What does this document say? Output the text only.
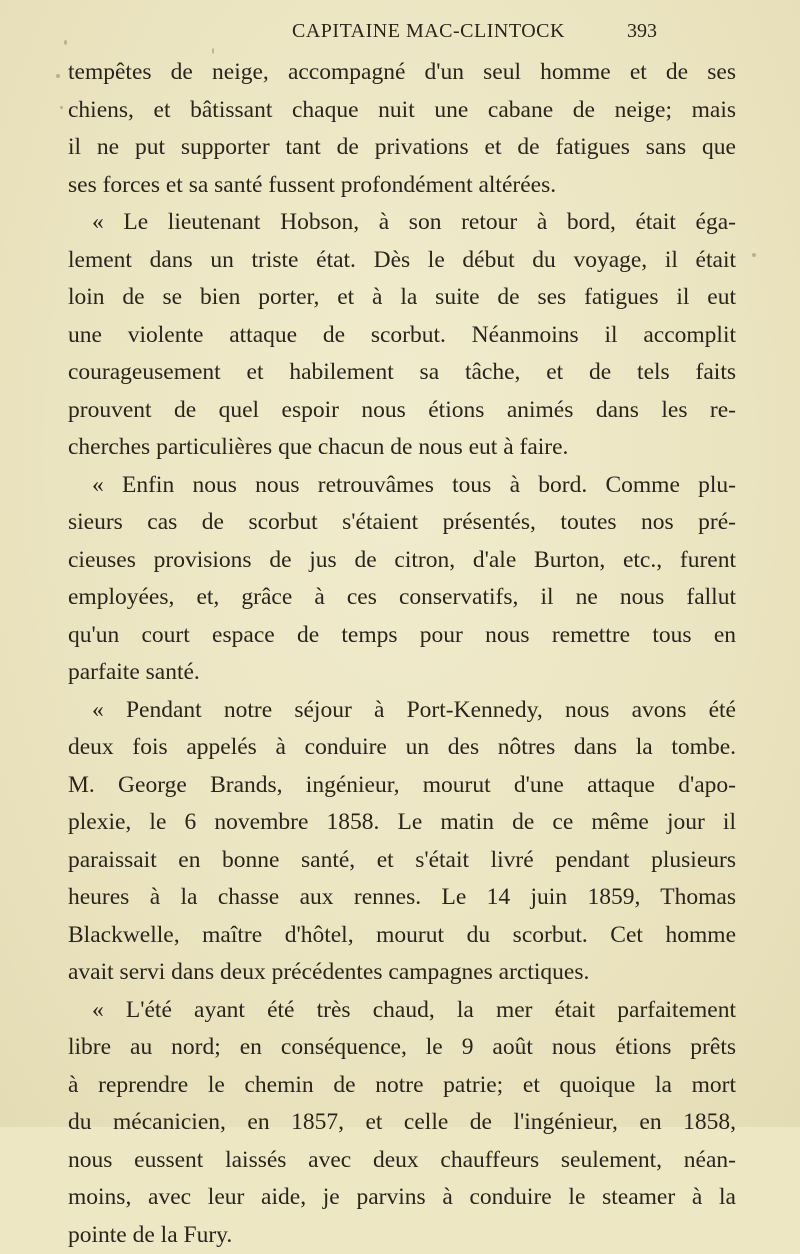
CAPITAINE MAC-CLINTOCK	393
tempêtes de neige, accompagné d'un seul homme et de ses
chiens, et bâtissant chaque nuit une cabane de neige; mais
il ne put supporter tant de privations et de fatigues sans que
ses forces et sa santé fussent profondément altérées.
« Le lieutenant Hobson, à son retour à bord, était éga-
lement dans un triste état. Dès le début du voyage, il était
loin de se bien porter, et à la suite de ses fatigues il eut
une violente attaque de scorbut. Néanmoins il accomplit
courageusement et habilement sa tâche, et de tels faits
prouvent de quel espoir nous étions animés dans les re-
cherches particulières que chacun de nous eut à faire.
« Enfin nous nous retrouvâmes tous à bord. Comme plu-
sieurs cas de scorbut s'étaient présentés, toutes nos pré-
cieuses provisions de jus de citron, d'ale Burton, etc., furent
employées, et, grâce à ces conservatifs, il ne nous fallut
qu'un court espace de temps pour nous remettre tous en
parfaite santé.
« Pendant notre séjour à Port-Kennedy, nous avons été
deux fois appelés à conduire un des nôtres dans la tombe.
M. George Brands, ingénieur, mourut d'une attaque d'apo-
plexie, le 6 novembre 1858. Le matin de ce même jour il
paraissait en bonne santé, et s'était livré pendant plusieurs
heures à la chasse aux rennes. Le 14 juin 1859, Thomas
Blackwelle, maître d'hôtel, mourut du scorbut. Cet homme
avait servi dans deux précédentes campagnes arctiques.
« L'été ayant été très chaud, la mer était parfaitement
libre au nord; en conséquence, le 9 août nous étions prêts
à reprendre le chemin de notre patrie; et quoique la mort
du mécanicien, en 1857, et celle de l'ingénieur, en 1858,
nous eussent laissés avec deux chauffeurs seulement, néan-
moins, avec leur aide, je parvins à conduire le steamer à la
pointe de la Fury.
